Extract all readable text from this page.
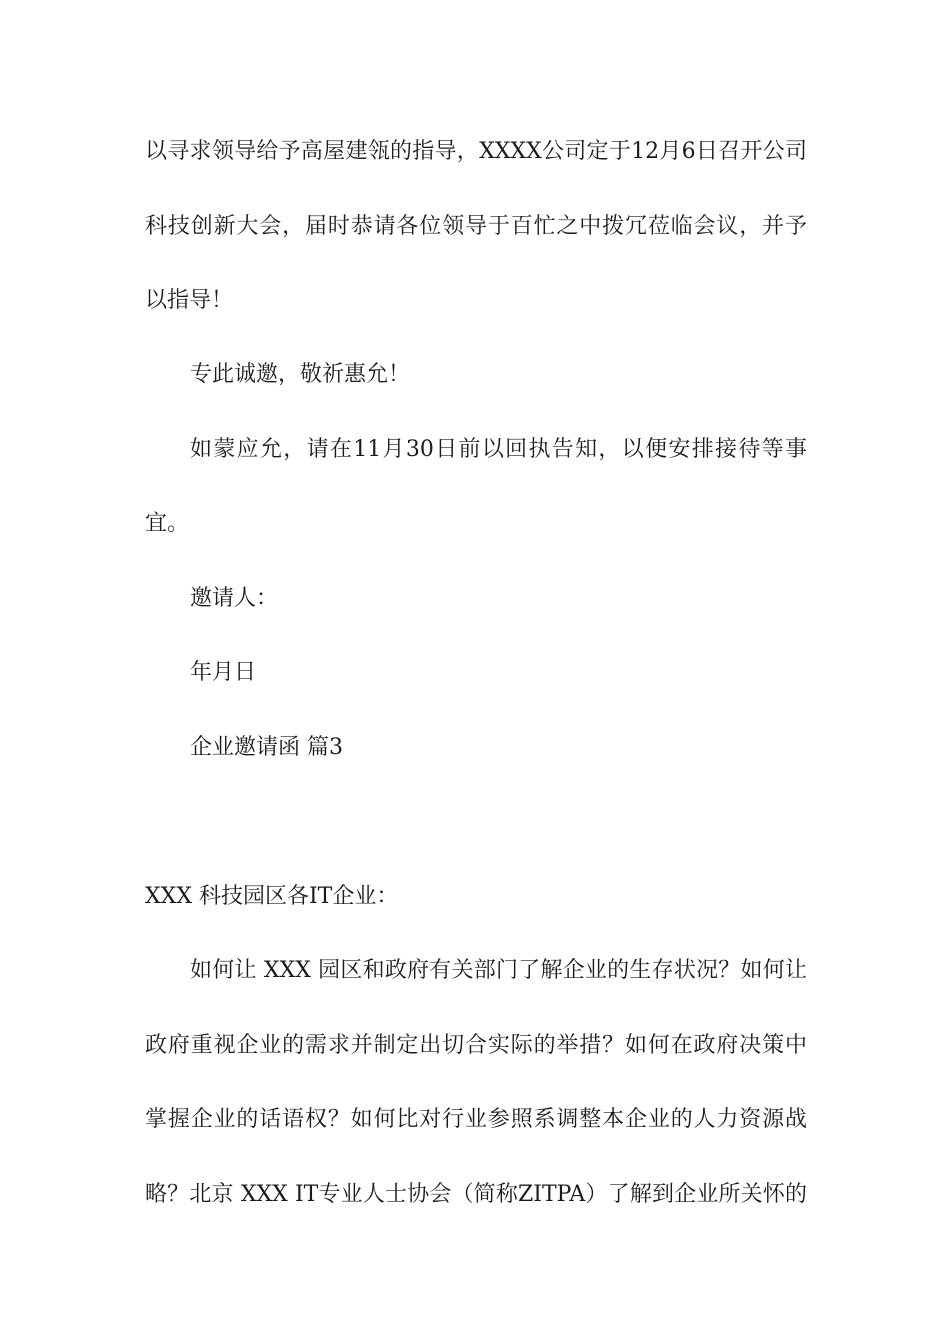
以寻求领导给予高屋建瓴的指导，XXXX公司定于12月6日召开公司
科技创新大会，届时恭请各位领导于百忙之中拨冗莅临会议，并予
以指导！
专此诚邀，敬祈惠允！
如蒙应允，请在11月30日前以回执告知，以便安排接待等事
宜。
邀请人：
年月日
企业邀请函 篇3
XXX 科技园区各IT企业：
如何让 XXX 园区和政府有关部门了解企业的生存状况？如何让
政府重视企业的需求并制定出切合实际的举措？如何在政府决策中
掌握企业的话语权？如何比对行业参照系调整本企业的人力资源战
略？北京 XXX IT专业人士协会（简称ZITPA）了解到企业所关怀的
